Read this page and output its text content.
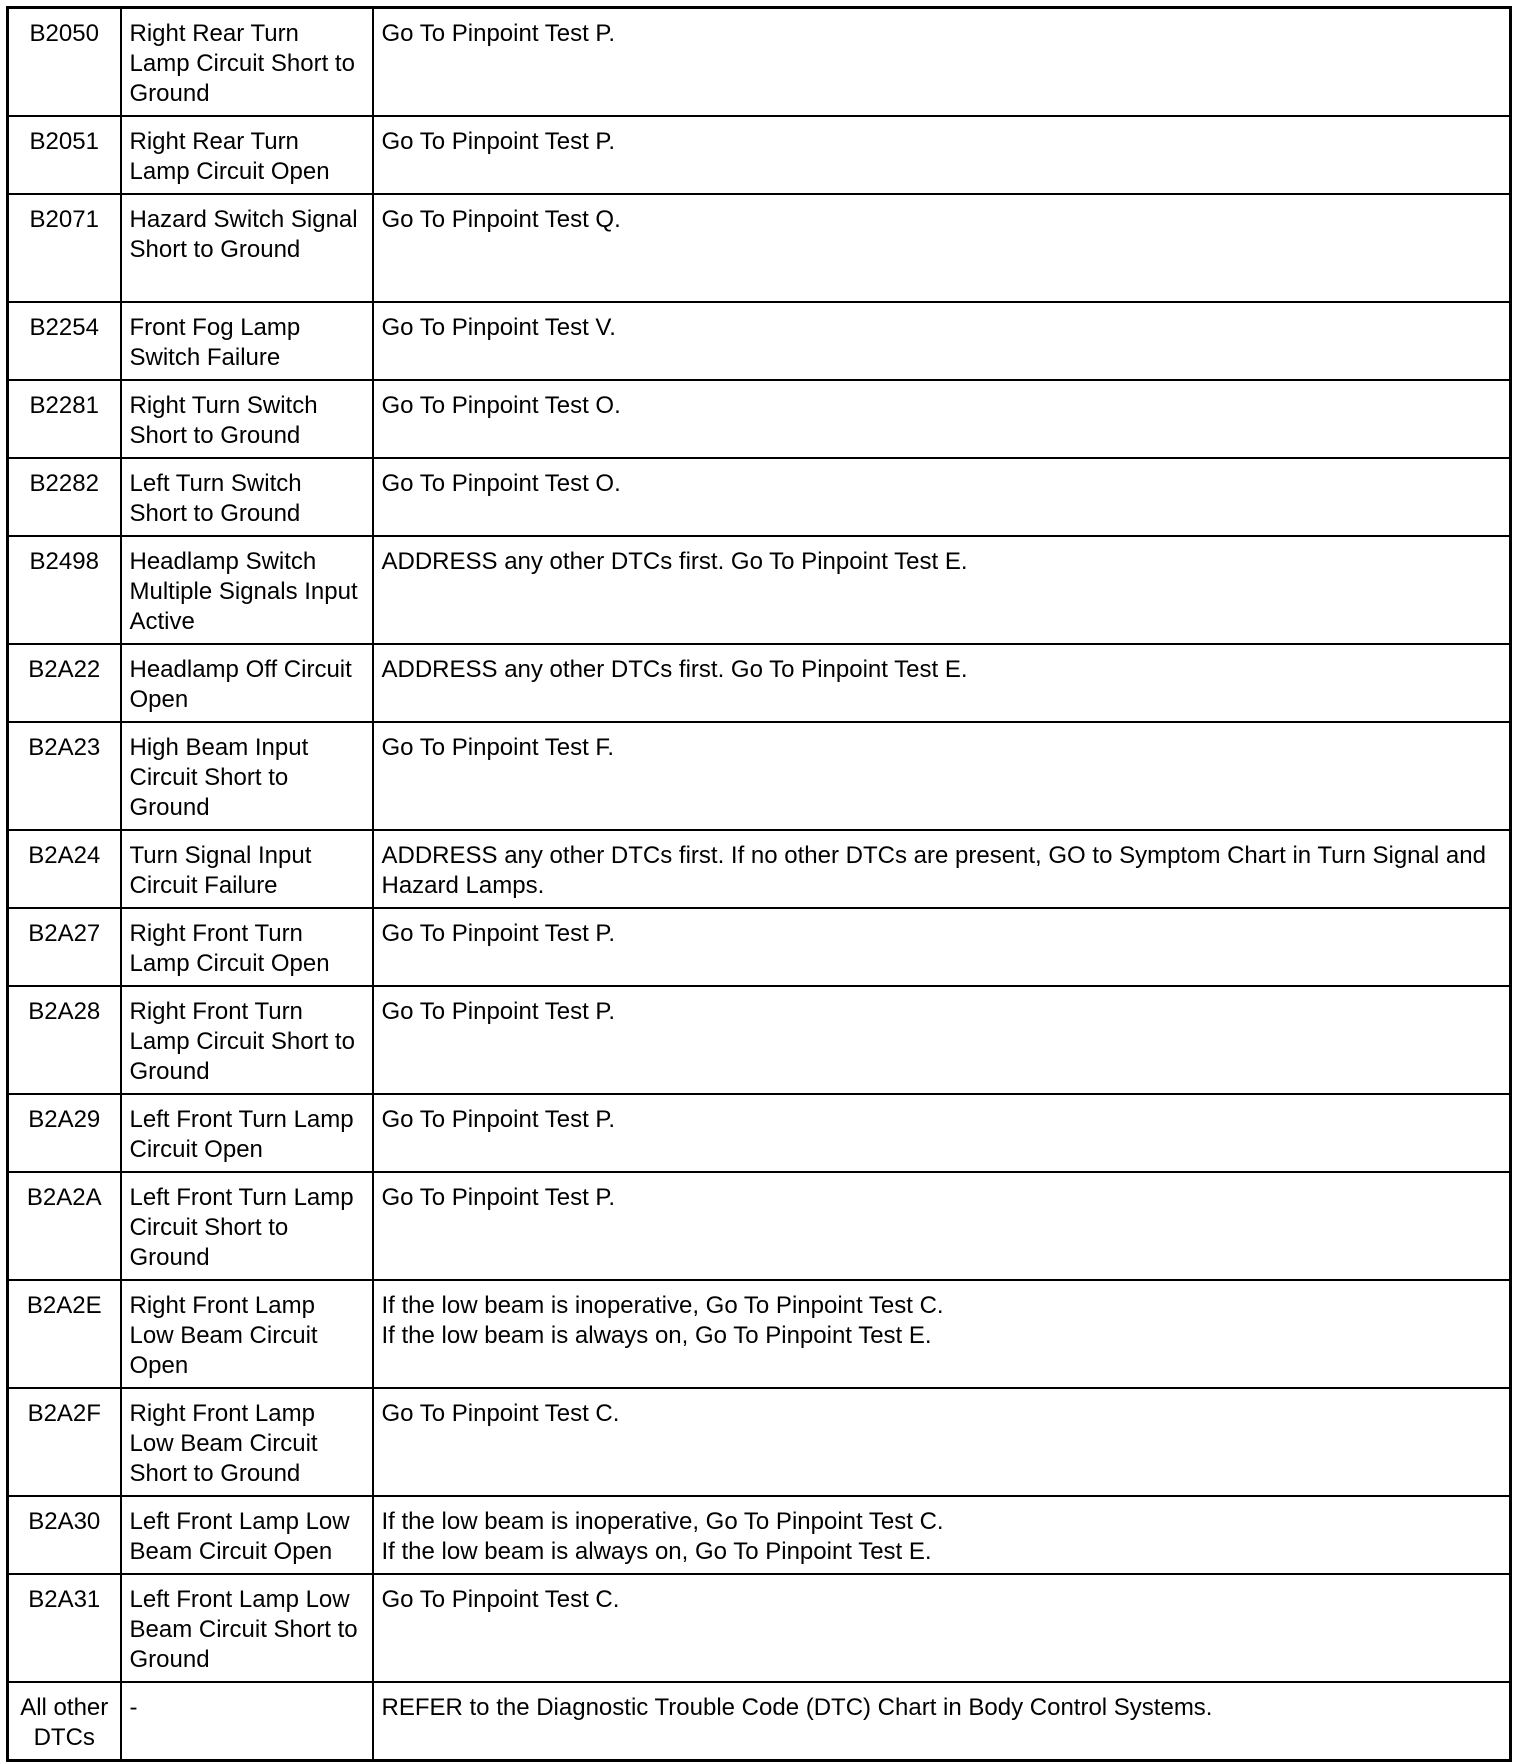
B2050	Right Rear Turn Lamp Circuit Short to Ground	Go To Pinpoint Test P.
B2051	Right Rear Turn Lamp Circuit Open	Go To Pinpoint Test P.
B2071	Hazard Switch Signal Short to Ground	Go To Pinpoint Test Q.
B2254	Front Fog Lamp Switch Failure	Go To Pinpoint Test V.
B2281	Right Turn Switch Short to Ground	Go To Pinpoint Test O.
B2282	Left Turn Switch Short to Ground	Go To Pinpoint Test O.
B2498	Headlamp Switch Multiple Signals Input Active	ADDRESS any other DTCs first. Go To Pinpoint Test E.
B2A22	Headlamp Off Circuit Open	ADDRESS any other DTCs first. Go To Pinpoint Test E.
B2A23	High Beam Input Circuit Short to Ground	Go To Pinpoint Test F.
B2A24	Turn Signal Input Circuit Failure	ADDRESS any other DTCs first. If no other DTCs are present, GO to Symptom Chart in Turn Signal and Hazard Lamps.
B2A27	Right Front Turn Lamp Circuit Open	Go To Pinpoint Test P.
B2A28	Right Front Turn Lamp Circuit Short to Ground	Go To Pinpoint Test P.
B2A29	Left Front Turn Lamp Circuit Open	Go To Pinpoint Test P.
B2A2A	Left Front Turn Lamp Circuit Short to Ground	Go To Pinpoint Test P.
B2A2E	Right Front Lamp Low Beam Circuit Open	If the low beam is inoperative, Go To Pinpoint Test C.
If the low beam is always on, Go To Pinpoint Test E.
B2A2F	Right Front Lamp Low Beam Circuit Short to Ground	Go To Pinpoint Test C.
B2A30	Left Front Lamp Low Beam Circuit Open	If the low beam is inoperative, Go To Pinpoint Test C.
If the low beam is always on, Go To Pinpoint Test E.
B2A31	Left Front Lamp Low Beam Circuit Short to Ground	Go To Pinpoint Test C.
All other DTCs	-	REFER to the Diagnostic Trouble Code (DTC) Chart in Body Control Systems.
